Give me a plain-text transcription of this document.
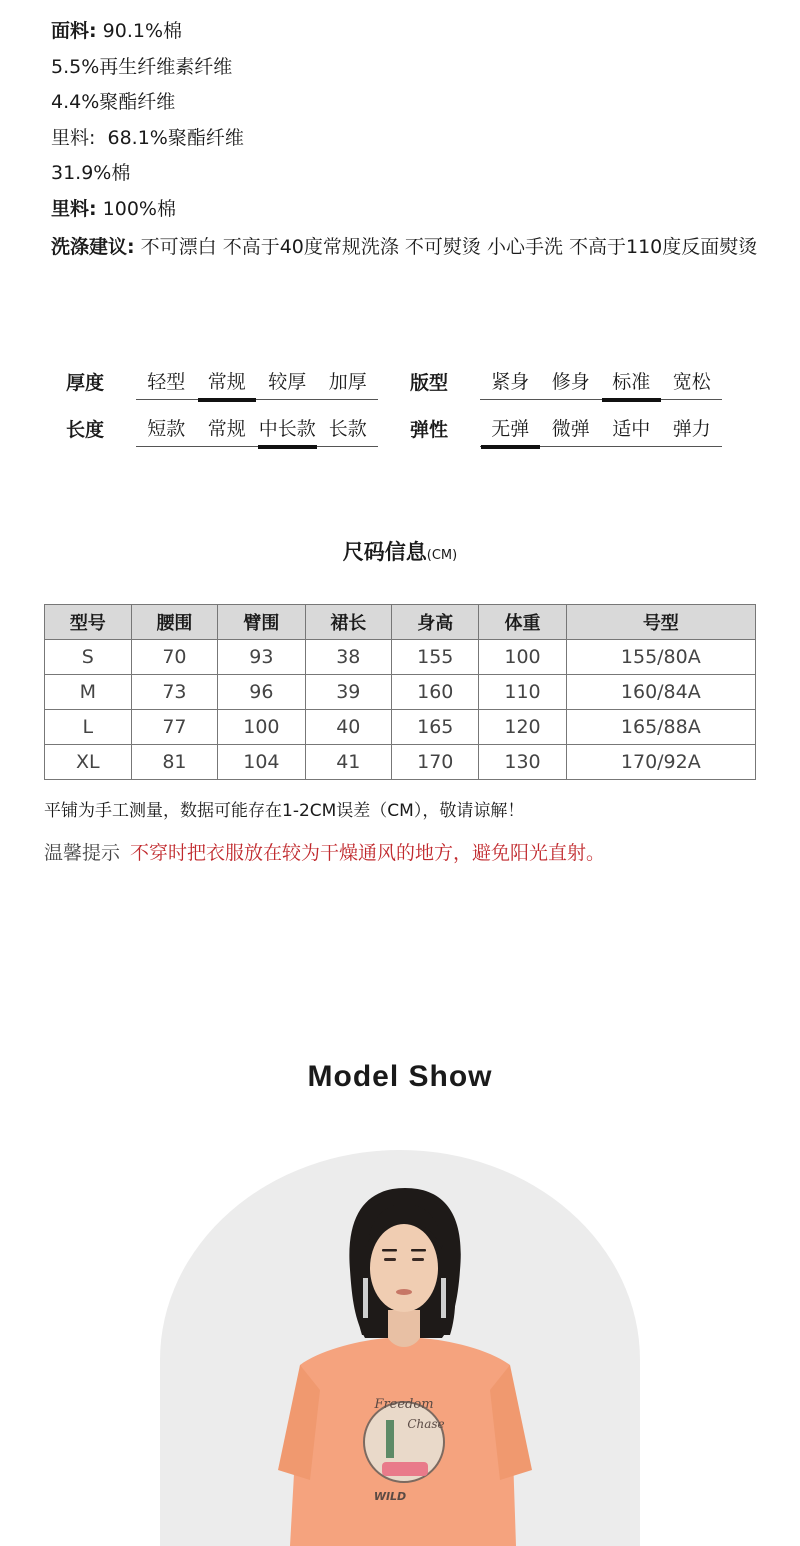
面料: 90.1%棉
5.5%再生纤维素纤维
4.4%聚酯纤维
里料: 68.1%聚酯纤维
31.9%棉
里料: 100%棉
洗涤建议: 不可漂白 不高于40度常规洗涤 不可熨烫 小心手洗 不高于110度反面熨烫
厚度	轻型	常规	较厚	加厚	版型	紧身	修身	标准	宽松
长度	短款	常规 中长款 长款	弹性	无弹	微弹	适中	弹力
尺码信息(CM)
型号	腰围	臂围	裙长	身高	体重	号型
S	70	93	38	155	100	155/80A
M	73	96	39	160	110	160/84A
L	77	100	40	165	120	165/88A
XL	81	104	41	170	130	170/92A
平铺为手工测量，数据可能存在1-2CM误差（CM），敬请谅解！
温馨提示 不穿时把衣服放在较为干燥通风的地方，避免阳光直射。
Model Show
Freedom
Chase
WILD
